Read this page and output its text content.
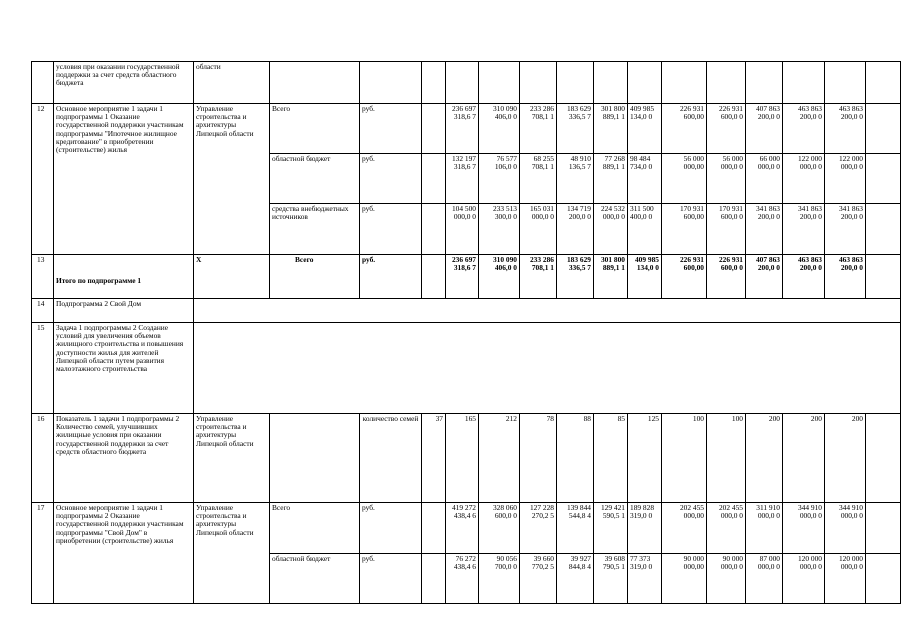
	условия при оказании государственной поддержки за счет средств областного бюджета	области															
12	Основное мероприятие 1 задачи 1 подпрограммы 1 Оказание государственной поддержки участникам подпрограммы "Ипотечное жилищное кредитование" в приобретении (строительстве) жилья	Управление строительства и архитектуры Липецкой области	Всего	руб.		236 697 318,6 7	310 090 406,0 0	233 286 708,1 1	183 629 336,5 7	301 800 889,1 1	409 985 134,0 0	226 931 600,00	226 931 600,0 0	407 863 200,0 0	463 863 200,0 0	463 863 200,0 0	
			областной бюджет	руб.		132 197 318,6 7	76 577 106,0 0	68 255 708,1 1	48 910 136,5 7	77 268 889,1 1	98 484 734,0 0	56 000 000,00	56 000 000,0 0	66 000 000,0 0	122 000 000,0 0	122 000 000,0 0	
			средства внебюджетных источников	руб.		104 500 000,0 0	233 513 300,0 0	165 031 000,0 0	134 719 200,0 0	224 532 000,0 0	311 500 400,0 0	170 931 600,00	170 931 600,0 0	341 863 200,0 0	341 863 200,0 0	341 863 200,0 0	
13	Итого по подпрограмме 1	X	Всего	руб.		236 697 318,6 7	310 090 406,0 0	233 286 708,1 1	183 629 336,5 7	301 800 889,1 1	409 985 134,0 0	226 931 600,00	226 931 600,0 0	407 863 200,0 0	463 863 200,0 0	463 863 200,0 0	
14	Подпрограмма 2 Свой Дом																
15	Задача 1 подпрограммы 2 Создание условий для увеличения объемов жилищного строительства и повышения доступности жилья для жителей Липецкой области путем развития малоэтажного строительства																
16	Показатель 1 задачи 1 подпрограммы 2 Количество семей, улучшивших жилищные условия при оказании государственной поддержки за счет средств областного бюджета	Управление строительства и архитектуры Липецкой области		количество семей	37	165	212	78	88	85	125	100	100	200	200	200	
17	Основное мероприятие 1 задачи 1 подпрограммы 2 Оказание государственной поддержки участникам подпрограммы "Свой Дом" в приобретении (строительстве) жилья	Управление строительства и архитектуры Липецкой области	Всего	руб.		419 272 438,4 6	328 060 600,0 0	127 228 270,2 5	139 844 544,8 4	129 421 590,5 1	189 828 319,0 0	202 455 000,00	202 455 000,0 0	311 910 000,0 0	344 910 000,0 0	344 910 000,0 0	
			областной бюджет	руб.		76 272 438,4 6	90 056 700,0 0	39 660 770,2 5	39 927 844,8 4	39 608 790,5 1	77 373 319,0 0	90 000 000,00	90 000 000,0 0	87 000 000,0 0	120 000 000,0 0	120 000 000,0 0	
